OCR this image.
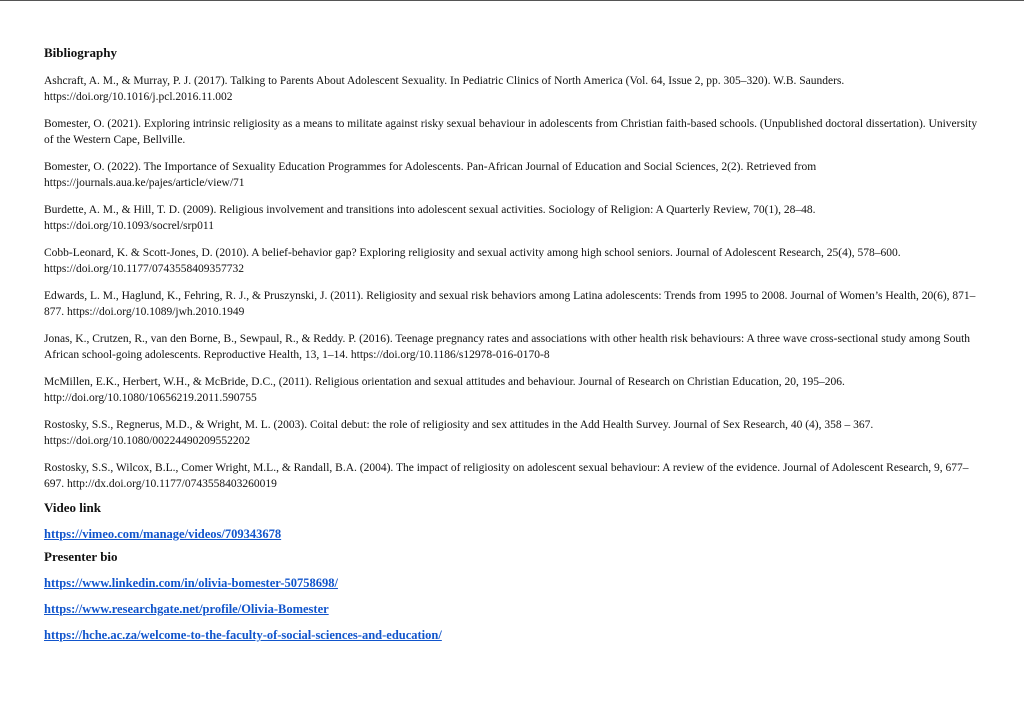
Bibliography
Ashcraft, A. M., & Murray, P. J. (2017). Talking to Parents About Adolescent Sexuality. In Pediatric Clinics of North America (Vol. 64, Issue 2, pp. 305–320). W.B. Saunders. https://doi.org/10.1016/j.pcl.2016.11.002
Bomester, O. (2021). Exploring intrinsic religiosity as a means to militate against risky sexual behaviour in adolescents from Christian faith-based schools. (Unpublished doctoral dissertation). University of the Western Cape, Bellville.
Bomester, O. (2022). The Importance of Sexuality Education Programmes for Adolescents. Pan-African Journal of Education and Social Sciences, 2(2). Retrieved from https://journals.aua.ke/pajes/article/view/71
Burdette, A. M., & Hill, T. D. (2009). Religious involvement and transitions into adolescent sexual activities. Sociology of Religion: A Quarterly Review, 70(1), 28–48. https://doi.org/10.1093/socrel/srp011
Cobb-Leonard, K. & Scott-Jones, D. (2010). A belief-behavior gap? Exploring religiosity and sexual activity among high school seniors. Journal of Adolescent Research, 25(4), 578–600. https://doi.org/10.1177/0743558409357732
Edwards, L. M., Haglund, K., Fehring, R. J., & Pruszynski, J. (2011). Religiosity and sexual risk behaviors among Latina adolescents: Trends from 1995 to 2008. Journal of Women’s Health, 20(6), 871–877. https://doi.org/10.1089/jwh.2010.1949
Jonas, K., Crutzen, R., van den Borne, B., Sewpaul, R., & Reddy. P. (2016). Teenage pregnancy rates and associations with other health risk behaviours: A three wave cross-sectional study among South African school-going adolescents. Reproductive Health, 13, 1–14. https://doi.org/10.1186/s12978-016-0170-8
McMillen, E.K., Herbert, W.H., & McBride, D.C., (2011). Religious orientation and sexual attitudes and behaviour. Journal of Research on Christian Education, 20, 195–206. http://doi.org/10.1080/10656219.2011.590755
Rostosky, S.S., Regnerus, M.D., & Wright, M. L. (2003). Coital debut: the role of religiosity and sex attitudes in the Add Health Survey. Journal of Sex Research, 40 (4), 358 – 367. https://doi.org/10.1080/00224490209552202
Rostosky, S.S., Wilcox, B.L., Comer Wright, M.L., & Randall, B.A. (2004). The impact of religiosity on adolescent sexual behaviour: A review of the evidence. Journal of Adolescent Research, 9, 677–697. http://dx.doi.org/10.1177/0743558403260019
Video link
https://vimeo.com/manage/videos/709343678
Presenter bio
https://www.linkedin.com/in/olivia-bomester-50758698/
https://www.researchgate.net/profile/Olivia-Bomester
https://hche.ac.za/welcome-to-the-faculty-of-social-sciences-and-education/
